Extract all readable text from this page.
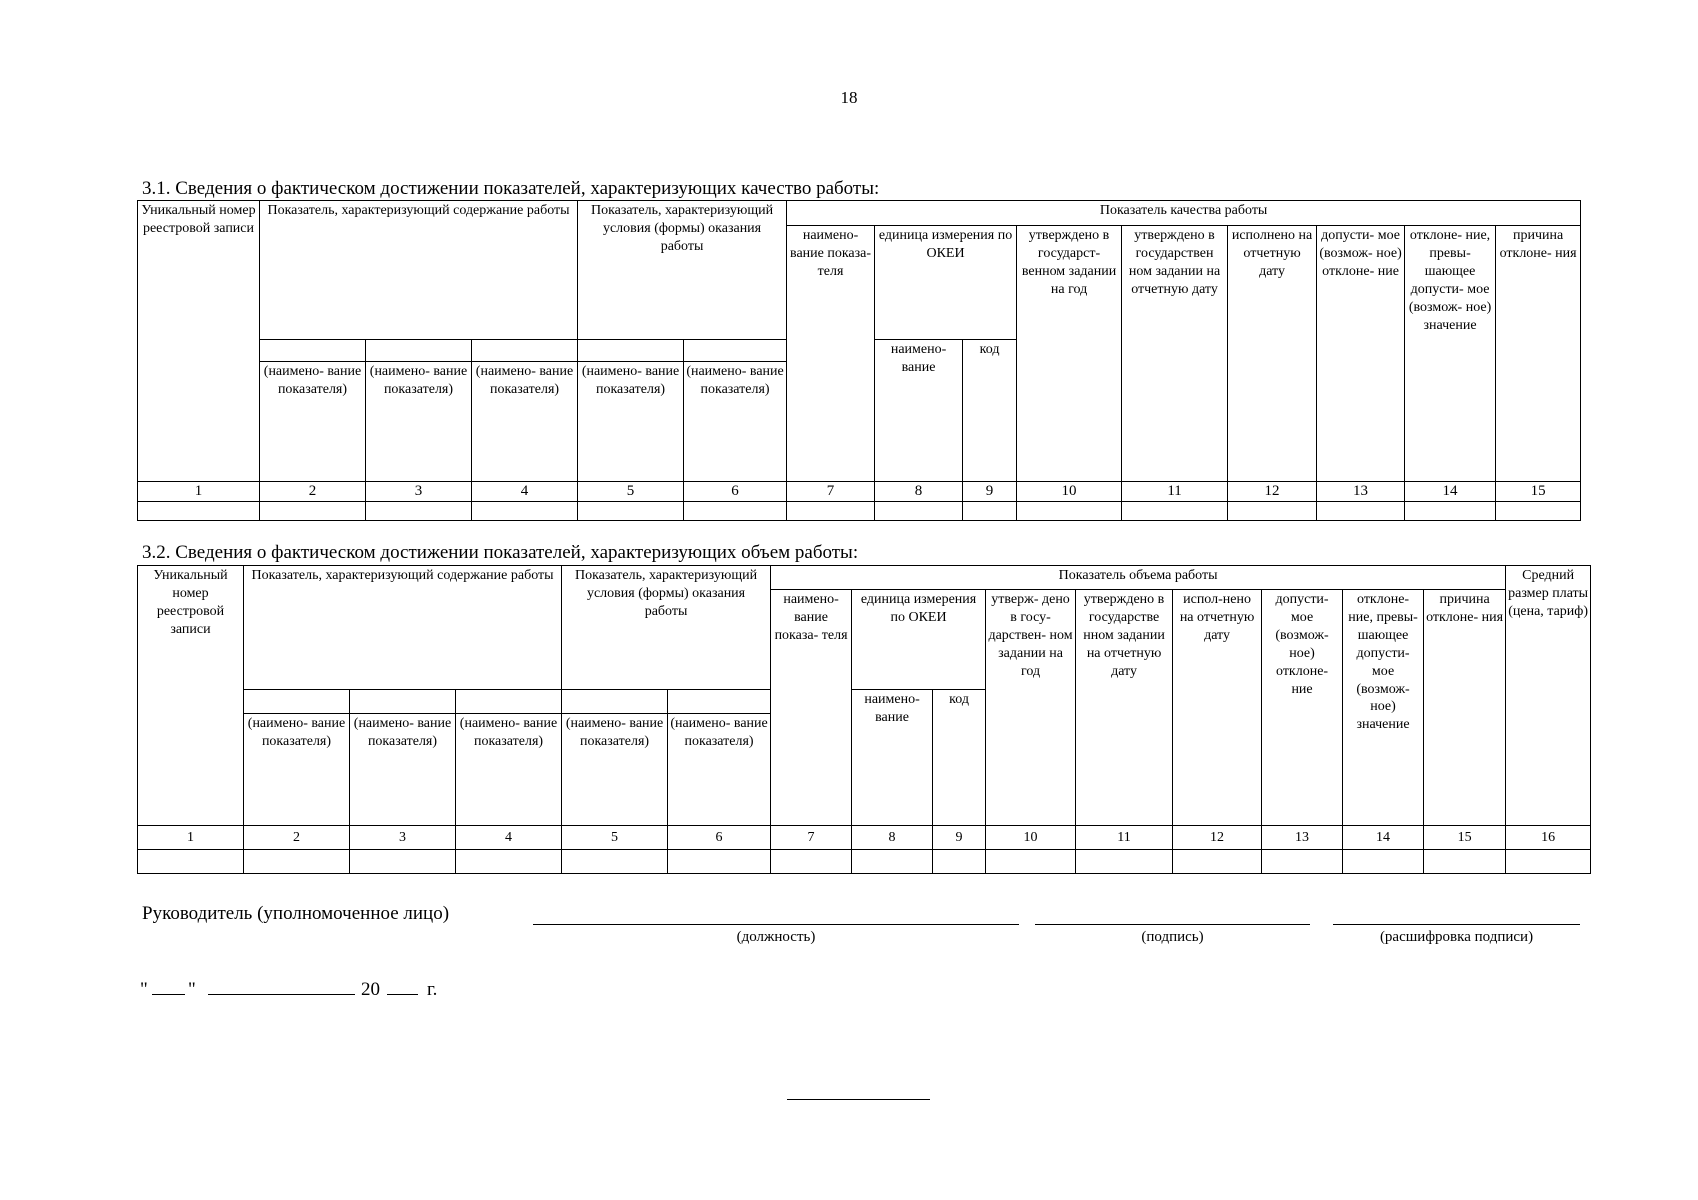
18
3.1. Сведения о фактическом достижении показателей, характеризующих качество работы:
Уникальный номер реестровой записи	Показатель, характеризующий содержание работы			Показатель, характеризующий условия (формы) оказания работы		Показатель качества работы								
						наимено- вание показа- теля	единица измерения по ОКЕИ		утверждено в государст- венном задании на год	утверждено в государствен ном задании на отчетную дату	исполнено на отчетную дату	допусти- мое (возмож- ное) отклоне- ние	отклоне- ние, превы- шающее допусти- мое (возмож- ное) значение	причина отклоне- ния
							наимено- вание	код						
	(наимено- вание показателя)	(наимено- вание показателя)	(наимено- вание показателя)	(наимено- вание показателя)	(наимено- вание показателя)									
1	2	3	4	5	6	7	8	9	10	11	12	13	14	15

3.2. Сведения о фактическом достижении показателей, характеризующих объем работы:
Уникальный номер реестровой записи	Показатель, характеризующий содержание работы			Показатель, характеризующий условия (формы) оказания работы		Показатель объема работы									Средний размер платы (цена, тариф)
						наимено- вание показа- теля	единица измерения по ОКЕИ		утверж- дено в госу- дарствен- ном задании на год	утверждено в государстве нном задании на отчетную дату	испол-нено на отчетную дату	допусти- мое (возмож- ное) отклоне- ние	отклоне- ние, превы- шающее допусти- мое (возмож- ное) значение	причина отклоне- ния	
							наимено- вание	код							
	(наимено- вание показателя)	(наимено- вание показателя)	(наимено- вание показателя)	(наимено- вание показателя)	(наимено- вание показателя)										
1	2	3	4	5	6	7	8	9	10	11	12	13	14	15	16

Руководитель (уполномоченное лицо)
(должность)	(подпись)	(расшифровка подписи)
" "	20 г.
